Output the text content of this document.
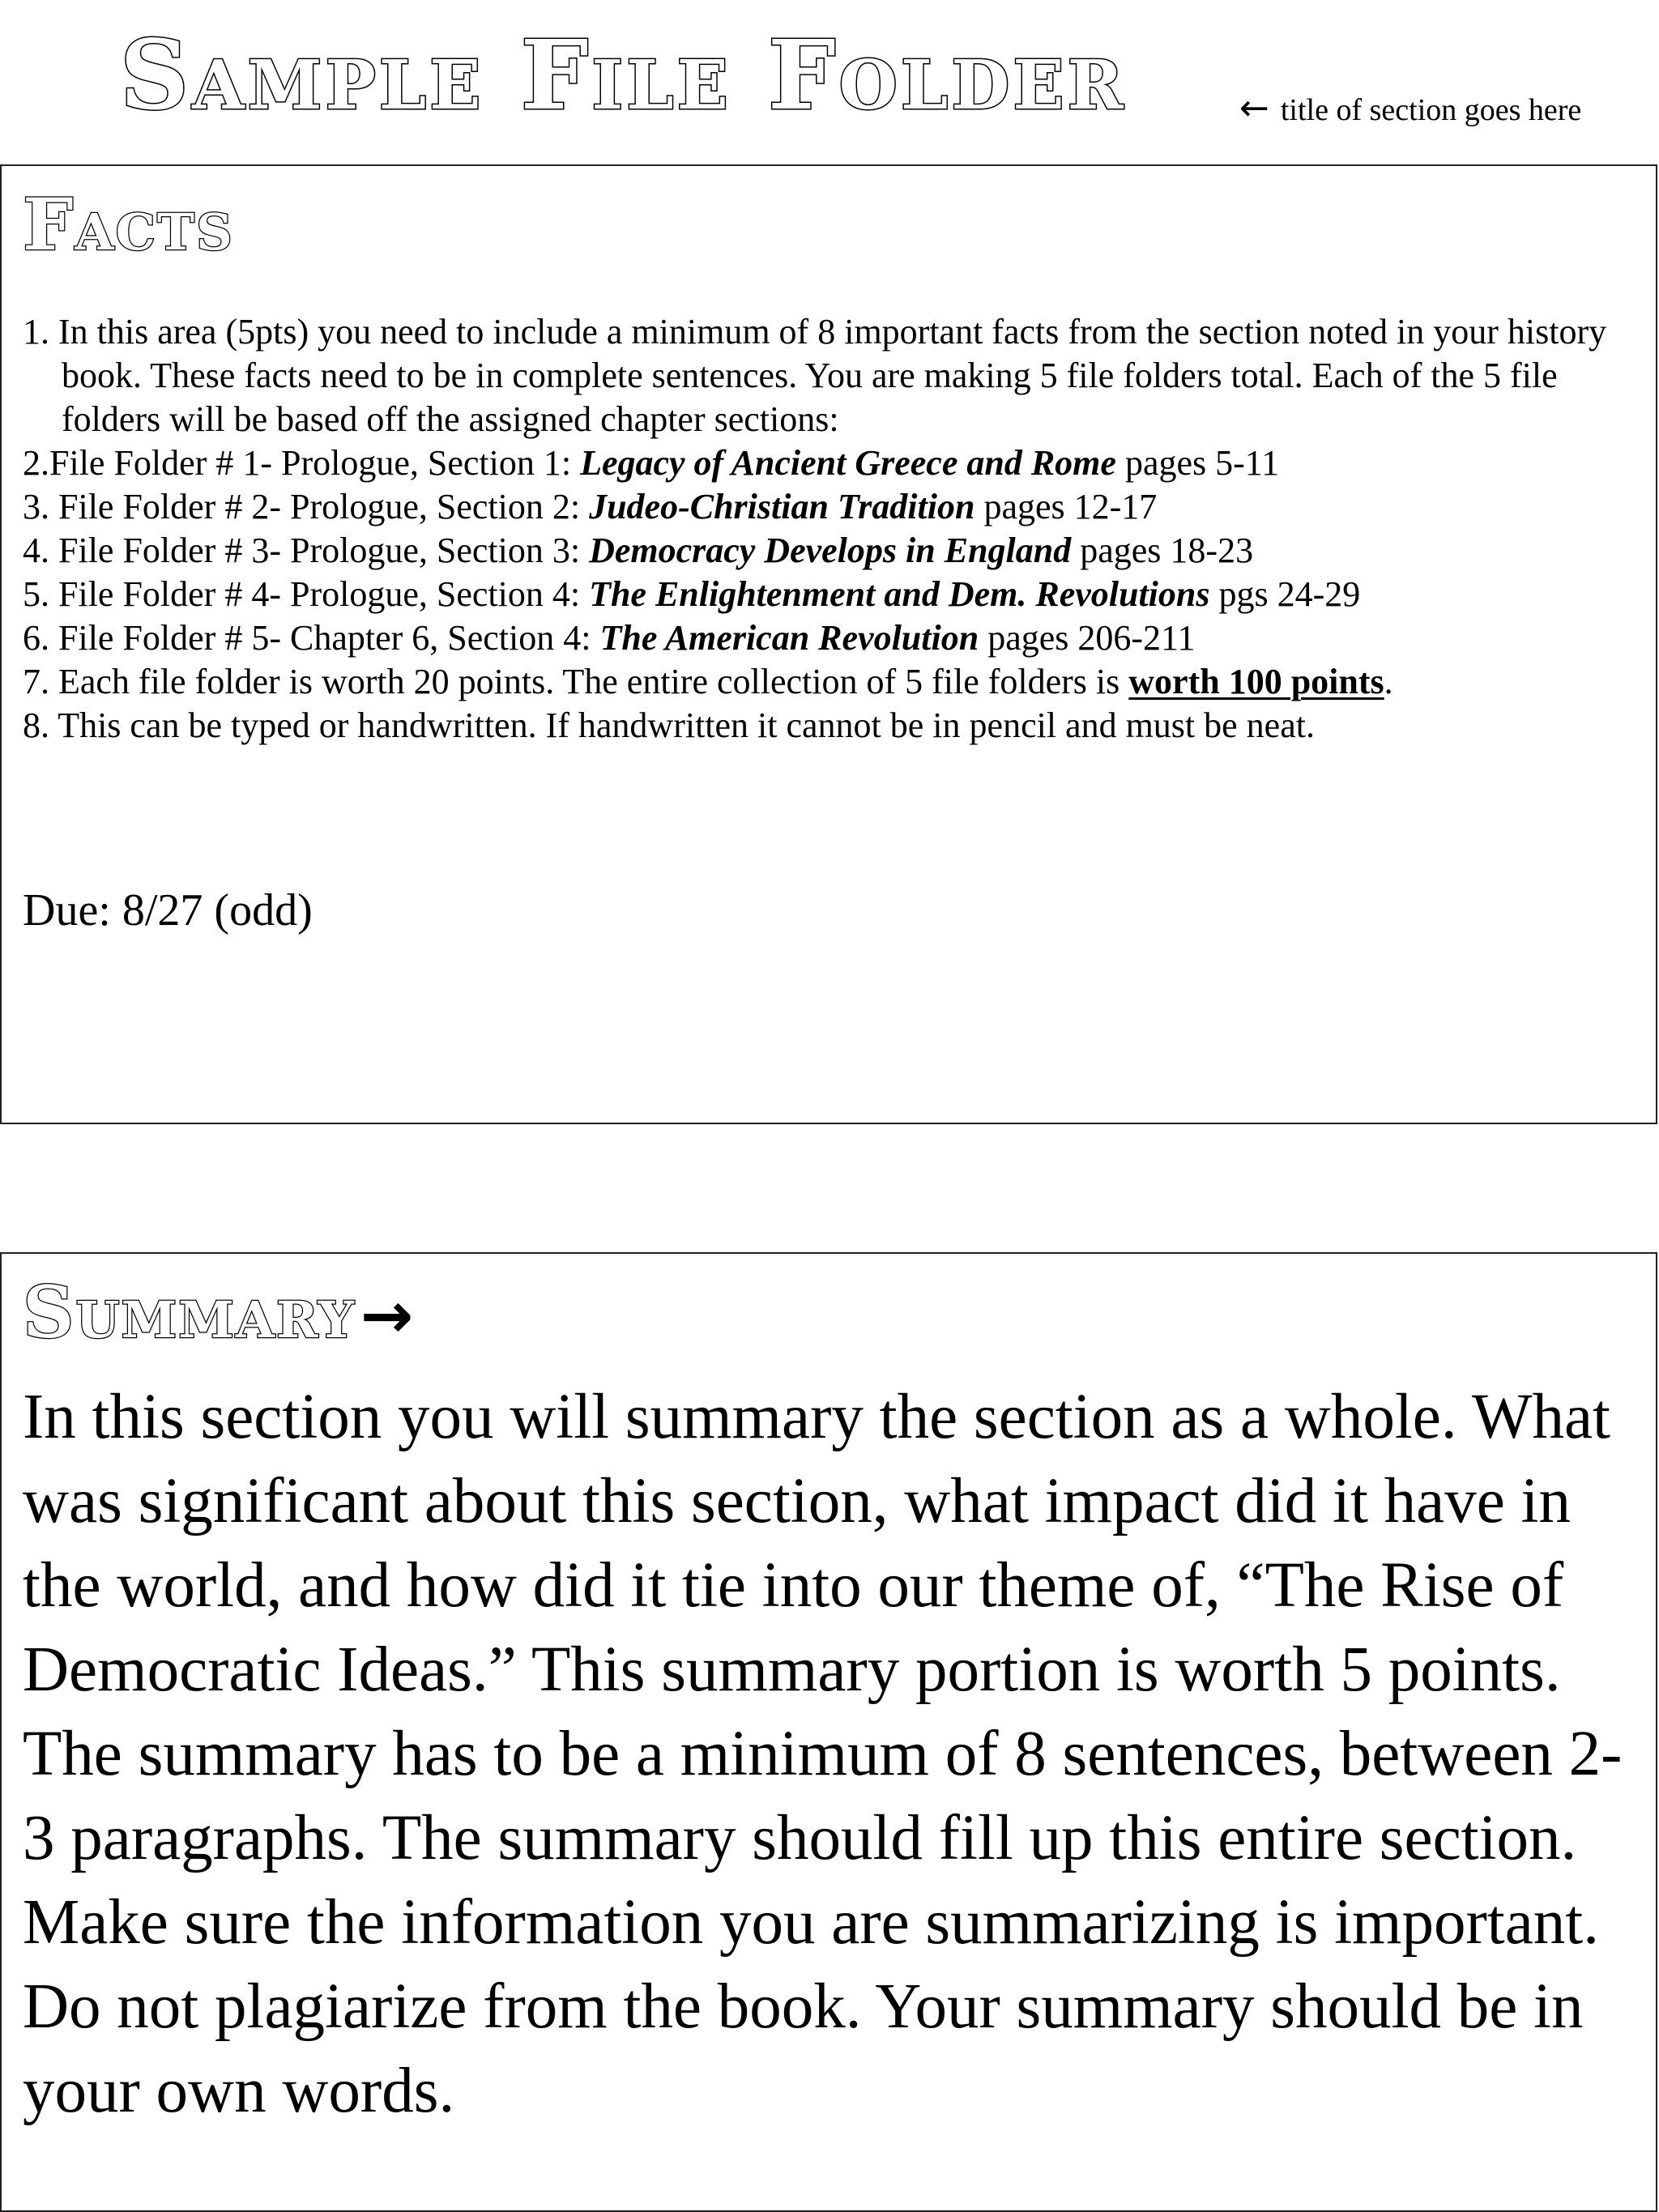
Sample File Folder	← title of section goes here
Facts
1. In this area (5pts) you need to include a minimum of 8 important facts from the section noted in your history book. These facts need to be in complete sentences. You are making 5 file folders total. Each of the 5 file folders will be based off the assigned chapter sections:
2.File Folder # 1- Prologue, Section 1: Legacy of Ancient Greece and Rome pages 5-11
3. File Folder # 2- Prologue, Section 2: Judeo-Christian Tradition pages 12-17
4. File Folder # 3- Prologue, Section 3: Democracy Develops in England pages 18-23
5. File Folder # 4- Prologue, Section 4: The Enlightenment and Dem. Revolutions pgs 24-29
6. File Folder # 5- Chapter 6, Section 4: The American Revolution pages 206-211
7. Each file folder is worth 20 points. The entire collection of 5 file folders is worth 100 points.
8. This can be typed or handwritten. If handwritten it cannot be in pencil and must be neat.
Due: 8/27 (odd)
Summary→

In this section you will summary the section as a whole. What was significant about this section, what impact did it have in the world, and how did it tie into our theme of, “The Rise of Democratic Ideas.” This summary portion is worth 5 points.

The summary has to be a minimum of 8 sentences, between 2-3 paragraphs. The summary should fill up this entire section. Make sure the information you are summarizing is important. Do not plagiarize from the book. Your summary should be in your own words.
